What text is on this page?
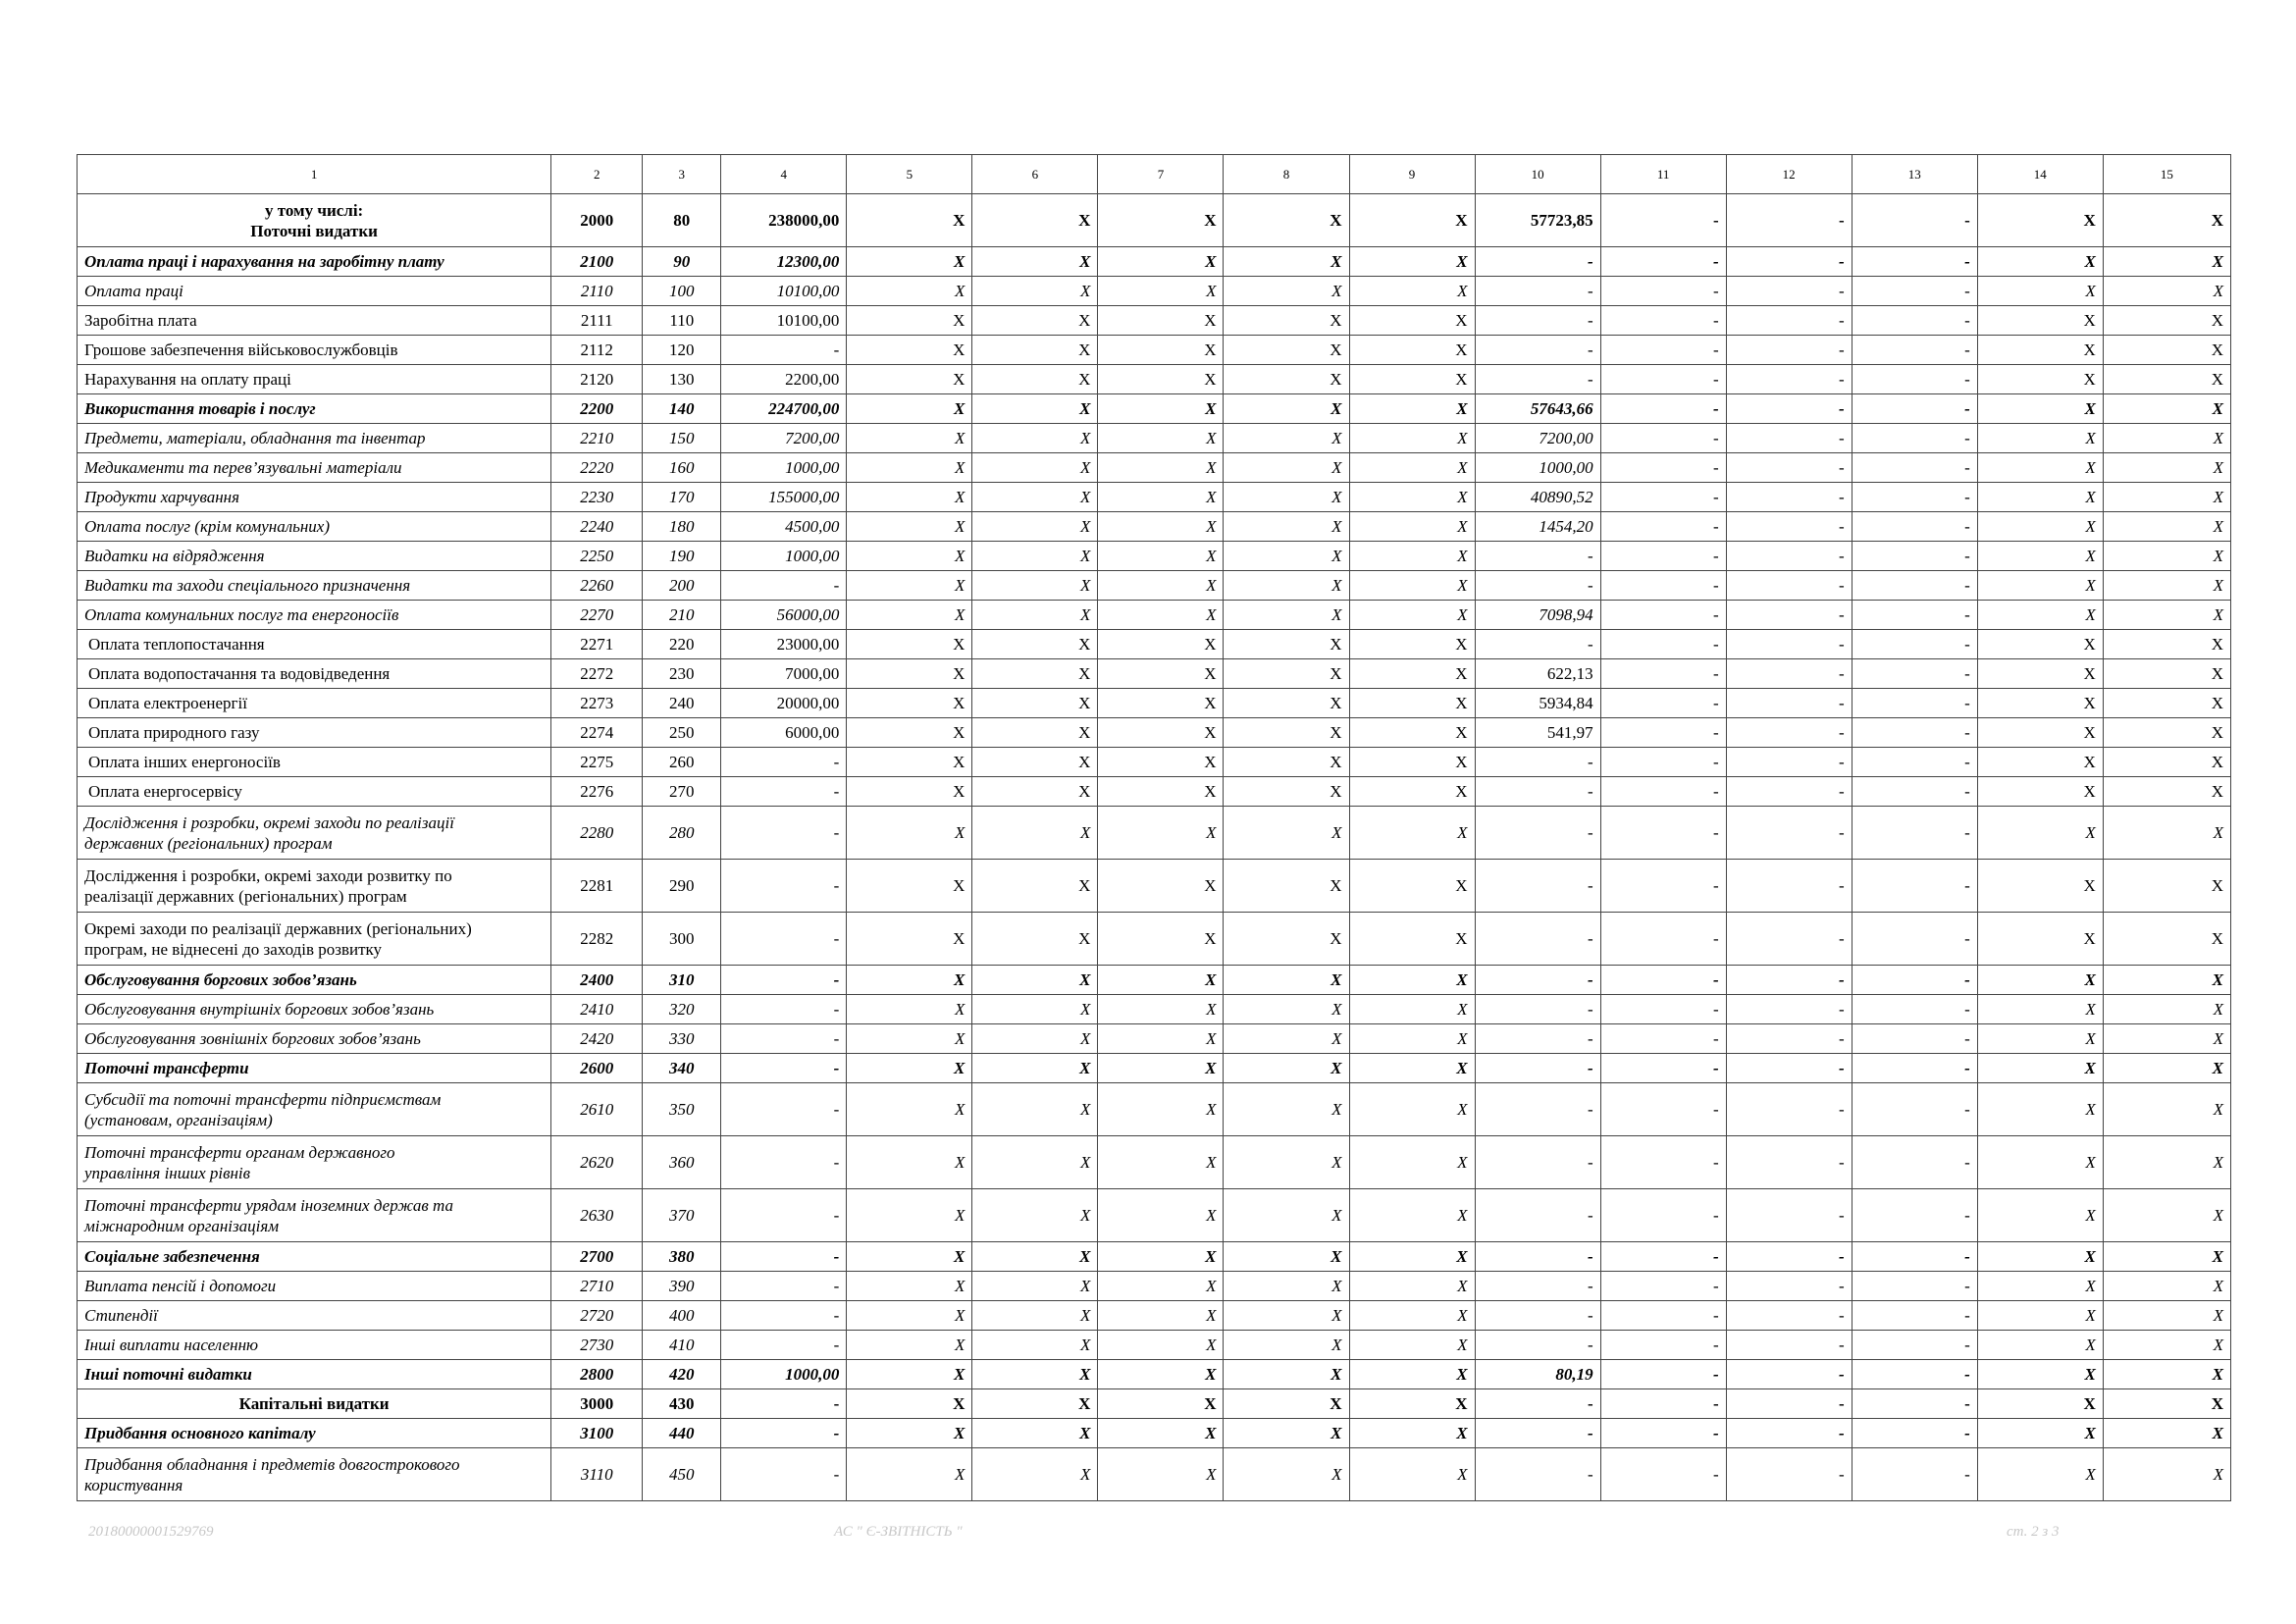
1	2	3	4	5	6	7	8	9	10	11	12	13	14	15

у тому числі:
Поточні видатки	2000	80	238000,00	X	X	X	X	X	57723,85	-	-	-	X	X

Оплата праці і нарахування на заробітну плату	2100	90	12300,00	X	X	X	X	X	-	-	-	-	X	X

Оплата праці	2110	100	10100,00	X	X	X	X	X	-	-	-	-	X	X

Заробітна плата	2111	110	10100,00	X	X	X	X	X	-	-	-	-	X	X

Грошове забезпечення військовослужбовців	2112	120	-	X	X	X	X	X	-	-	-	-	X	X

Нарахування на оплату праці	2120	130	2200,00	X	X	X	X	X	-	-	-	-	X	X

Використання товарів і послуг	2200	140	224700,00	X	X	X	X	X	57643,66	-	-	-	X	X

Предмети, матеріали, обладнання та інвентар	2210	150	7200,00	X	X	X	X	X	7200,00	-	-	-	X	X

Медикаменти та перев’язувальні матеріали	2220	160	1000,00	X	X	X	X	X	1000,00	-	-	-	X	X

Продукти харчування	2230	170	155000,00	X	X	X	X	X	40890,52	-	-	-	X	X

Оплата послуг (крім комунальних)	2240	180	4500,00	X	X	X	X	X	1454,20	-	-	-	X	X

Видатки на відрядження	2250	190	1000,00	X	X	X	X	X	-	-	-	-	X	X

Видатки та заходи спеціального призначення	2260	200	-	X	X	X	X	X	-	-	-	-	X	X

Оплата комунальних послуг та енергоносіїв	2270	210	56000,00	X	X	X	X	X	7098,94	-	-	-	X	X

Оплата теплопостачання	2271	220	23000,00	X	X	X	X	X	-	-	-	-	X	X

Оплата водопостачання та водовідведення	2272	230	7000,00	X	X	X	X	X	622,13	-	-	-	X	X

Оплата електроенергії	2273	240	20000,00	X	X	X	X	X	5934,84	-	-	-	X	X

Оплата природного газу	2274	250	6000,00	X	X	X	X	X	541,97	-	-	-	X	X

Оплата інших енергоносіїв	2275	260	-	X	X	X	X	X	-	-	-	-	X	X

Оплата енергосервісу	2276	270	-	X	X	X	X	X	-	-	-	-	X	X

Дослідження і розробки, окремі заходи по реалізації
державних (регіональних) програм	2280	280	-	X	X	X	X	X	-	-	-	-	X	X

Дослідження і розробки, окремі заходи розвитку по
реалізації державних (регіональних) програм	2281	290	-	X	X	X	X	X	-	-	-	-	X	X

Окремі заходи по реалізації державних (регіональних)
програм, не віднесені до заходів розвитку	2282	300	-	X	X	X	X	X	-	-	-	-	X	X

Обслуговування боргових зобов’язань	2400	310	-	X	X	X	X	X	-	-	-	-	X	X

Обслуговування внутрішніх боргових зобов’язань	2410	320	-	X	X	X	X	X	-	-	-	-	X	X

Обслуговування зовнішніх боргових зобов’язань	2420	330	-	X	X	X	X	X	-	-	-	-	X	X

Поточні трансферти	2600	340	-	X	X	X	X	X	-	-	-	-	X	X

Субсидії та поточні трансферти підприємствам
(установам, організаціям)	2610	350	-	X	X	X	X	X	-	-	-	-	X	X

Поточні трансферти органам державного
управління інших рівнів	2620	360	-	X	X	X	X	X	-	-	-	-	X	X

Поточні трансферти урядам іноземних держав та
міжнародним організаціям	2630	370	-	X	X	X	X	X	-	-	-	-	X	X

Соціальне забезпечення	2700	380	-	X	X	X	X	X	-	-	-	-	X	X

Виплата пенсій і допомоги	2710	390	-	X	X	X	X	X	-	-	-	-	X	X

Стипендії	2720	400	-	X	X	X	X	X	-	-	-	-	X	X

Інші виплати населенню	2730	410	-	X	X	X	X	X	-	-	-	-	X	X

Інші поточні видатки	2800	420	1000,00	X	X	X	X	X	80,19	-	-	-	X	X

Капітальні видатки	3000	430	-	X	X	X	X	X	-	-	-	-	X	X

Придбання основного капіталу	3100	440	-	X	X	X	X	X	-	-	-	-	X	X

Придбання обладнання і предметів довгострокового
користування	3110	450	-	X	X	X	X	X	-	-	-	-	X	X
20180000001529769	АС " Є-ЗВІТНІСТЬ "	ст. 2 з 3
